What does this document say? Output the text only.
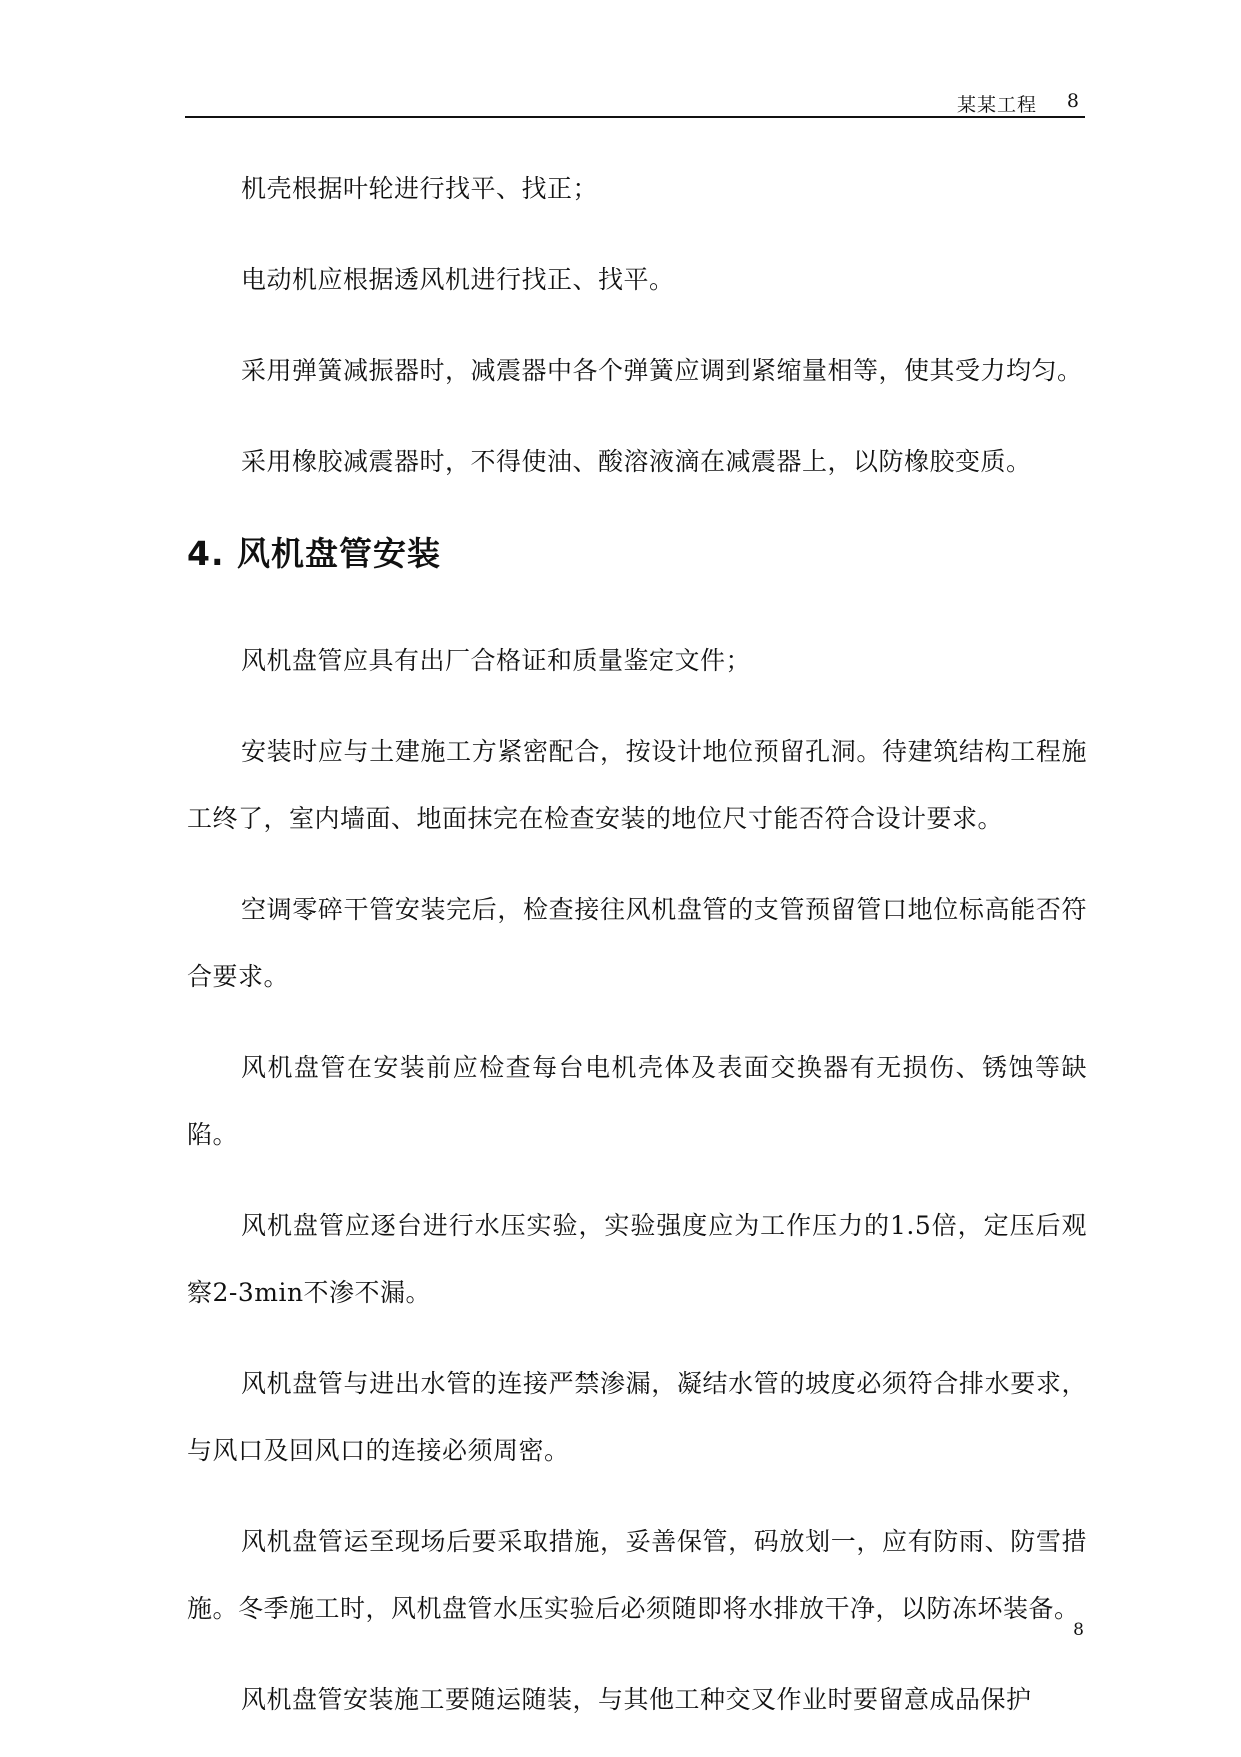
某某工程 8

机壳根据叶轮进行找平、找正；

电动机应根据透风机进行找正、找平。

采用弹簧减振器时，减震器中各个弹簧应调到紧缩量相等，使其受力均匀。

采用橡胶减震器时，不得使油、酸溶液滴在减震器上，以防橡胶变质。

4. 风机盘管安装

风机盘管应具有出厂合格证和质量鉴定文件；

安装时应与土建施工方紧密配合，按设计地位预留孔洞。待建筑结构工程施工终了，室内墙面、地面抹完在检查安装的地位尺寸能否符合设计要求。

空调零碎干管安装完后，检查接往风机盘管的支管预留管口地位标高能否符合要求。

风机盘管在安装前应检查每台电机壳体及表面交换器有无损伤、锈蚀等缺陷。

风机盘管应逐台进行水压实验，实验强度应为工作压力的1.5倍，定压后观察2-3min不渗不漏。

风机盘管与进出水管的连接严禁渗漏，凝结水管的坡度必须符合排水要求，与风口及回风口的连接必须周密。

风机盘管运至现场后要采取措施，妥善保管，码放划一，应有防雨、防雪措施。冬季施工时，风机盘管水压实验后必须随即将水排放干净，以防冻坏装备。

风机盘管安装施工要随运随装，与其他工种交叉作业时要留意成品保护

8
